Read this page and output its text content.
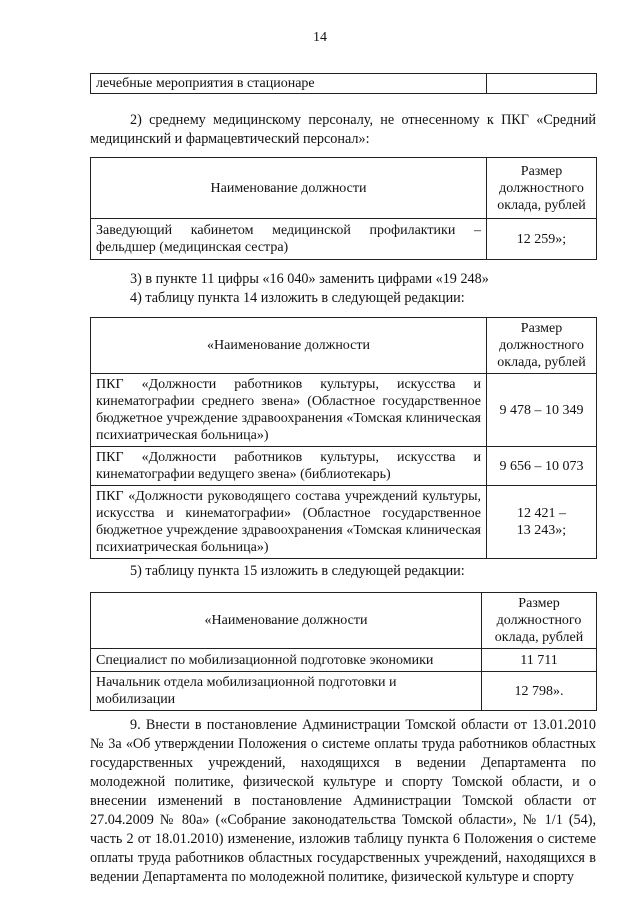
14
лечебные мероприятия в стационаре	
2) среднему медицинскому персоналу, не отнесенному к ПКГ «Средний медицинский и фармацевтический персонал»:
Наименование должности	Размер должностного оклада, рублей
Заведующий кабинетом медицинской профилактики – фельдшер (медицинская сестра)	12 259»;
3) в пункте 11 цифры «16 040» заменить цифрами «19 248»
4) таблицу пункта 14 изложить в следующей редакции:
«Наименование должности	Размер должностного оклада, рублей
ПКГ «Должности работников культуры, искусства и кинематографии среднего звена» (Областное государственное бюджетное учреждение здравоохранения «Томская клиническая психиатрическая больница»)	9 478 – 10 349
ПКГ «Должности работников культуры, искусства и кинематографии ведущего звена» (библиотекарь)	9 656 – 10 073
ПКГ «Должности руководящего состава учреждений культуры, искусства и кинематографии» (Областное государственное бюджетное учреждение здравоохранения «Томская клиническая психиатрическая больница»)	12 421 – 13 243»;
5) таблицу пункта 15 изложить в следующей редакции:
«Наименование должности	Размер должностного оклада, рублей
Специалист по мобилизационной подготовке экономики	11 711
Начальник отдела мобилизационной подготовки и мобилизации	12 798».
9. Внести в постановление Администрации Томской области от 13.01.2010 № 3а «Об утверждении Положения о системе оплаты труда работников областных государственных учреждений, находящихся в ведении Департамента по молодежной политике, физической культуре и спорту Томской области, и о внесении изменений в постановление Администрации Томской области от 27.04.2009 № 80а» («Собрание законодательства Томской области», № 1/1 (54), часть 2 от 18.01.2010) изменение, изложив таблицу пункта 6 Положения о системе оплаты труда работников областных государственных учреждений, находящихся в ведении Департамента по молодежной политике, физической культуре и спорту
